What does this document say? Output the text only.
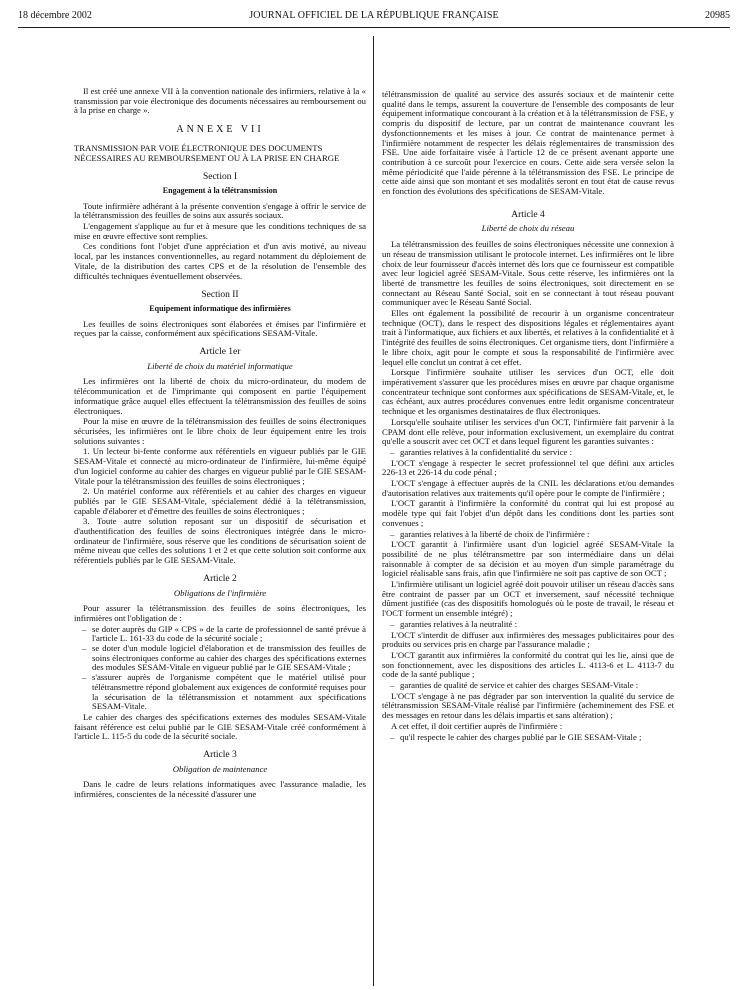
18 décembre 2002	JOURNAL OFFICIEL DE LA RÉPUBLIQUE FRANÇAISE	20985

Il est créé une annexe VII à la convention nationale des infirmiers, relative à la « transmission par voie électronique des documents nécessaires au remboursement ou à la prise en charge ».

ANNEXE VII

TRANSMISSION PAR VOIE ÉLECTRONIQUE DES DOCUMENTS NÉCESSAIRES AU REMBOURSEMENT OU À LA PRISE EN CHARGE

Section I
Engagement à la télétransmission

Toute infirmière adhérant à la présente convention s'engage à offrir le service de la télétransmission des feuilles de soins aux assurés sociaux.

L'engagement s'applique au fur et à mesure que les conditions techniques de sa mise en œuvre effective sont remplies.

Ces conditions font l'objet d'une appréciation et d'un avis motivé, au niveau local, par les instances conventionnelles, au regard notamment du déploiement de Vitale, de la distribution des cartes CPS et de la résolution de l'ensemble des difficultés techniques éventuellement observées.

Section II
Equipement informatique des infirmières

Les feuilles de soins électroniques sont élaborées et émises par l'infirmière et reçues par la caisse, conformément aux spécifications SESAM-Vitale.

Article 1er
Liberté de choix du matériel informatique

Les infirmières ont la liberté de choix du micro-ordinateur, du modem de télécommunication et de l'imprimante qui composent en partie l'équipement informatique grâce auquel elles effectuent la télétransmission des feuilles de soins électroniques.

Pour la mise en œuvre de la télétransmission des feuilles de soins électroniques sécurisées, les infirmières ont le libre choix de leur équipement entre les trois solutions suivantes :

1. Un lecteur bi-fente conforme aux référentiels en vigueur publiés par le GIE SESAM-Vitale et connecté au micro-ordinateur de l'infirmière, lui-même équipé d'un logiciel conforme au cahier des charges en vigueur publié par le GIE SESAM-Vitale pour la télétransmission des feuilles de soins électroniques ;

2. Un matériel conforme aux référentiels et au cahier des charges en vigueur publiés par le GIE SESAM-Vitale, spécialement dédié à la télétransmission, capable d'élaborer et d'émettre des feuilles de soins électroniques ;

3. Toute autre solution reposant sur un dispositif de sécurisation et d'authentification des feuilles de soins électroniques intégrée dans le micro-ordinateur de l'infirmière, sous réserve que les conditions de sécurisation soient de même niveau que celles des solutions 1 et 2 et que cette solution soit conforme aux référentiels publiés par le GIE SESAM-Vitale.

Article 2
Obligations de l'infirmière

Pour assurer la télétransmission des feuilles de soins électroniques, les infirmières ont l'obligation de :

– se doter auprès du GIP « CPS » de la carte de professionnel de santé prévue à l'article L. 161-33 du code de la sécurité sociale ;
– se doter d'un module logiciel d'élaboration et de transmission des feuilles de soins électroniques conforme au cahier des charges des spécifications externes des modules SESAM-Vitale en vigueur publié par le GIE SESAM-Vitale ;
– s'assurer auprès de l'organisme compétent que le matériel utilisé pour télétransmettre répond globalement aux exigences de conformité requises pour la sécurisation de la télétransmission et notamment aux spécifications SESAM-Vitale.

Le cahier des charges des spécifications externes des modules SESAM-Vitale faisant référence est celui publié par le GIE SESAM-Vitale créé conformément à l'article L. 115-5 du code de la sécurité sociale.

Article 3
Obligation de maintenance

Dans le cadre de leurs relations informatiques avec l'assurance maladie, les infirmières, conscientes de la nécessité d'assurer une

télétransmission de qualité au service des assurés sociaux et de maintenir cette qualité dans le temps, assurent la couverture de l'ensemble des composants de leur équipement informatique concourant à la création et à la télétransmission de FSE, y compris du dispositif de lecture, par un contrat de maintenance couvrant les dysfonctionnements et les mises à jour. Ce contrat de maintenance permet à l'infirmière notamment de respecter les délais réglementaires de transmission des FSE. Une aide forfaitaire visée à l'article 12 de ce présent avenant apporte une contribution à ce surcoût pour l'exercice en cours. Cette aide sera versée selon la même périodicité que l'aide pérenne à la télétransmission des FSE. Le principe de cette aide ainsi que son montant et ses modalités seront en tout état de cause revus en fonction des évolutions des spécifications de SESAM-Vitale.

Article 4
Liberté de choix du réseau

La télétransmission des feuilles de soins électroniques nécessite une connexion à un réseau de transmission utilisant le protocole internet. Les infirmières ont le libre choix de leur fournisseur d'accès internet dès lors que ce fournisseur est compatible avec leur logiciel agréé SESAM-Vitale. Sous cette réserve, les infirmières ont la liberté de transmettre les feuilles de soins électroniques, soit directement en se connectant au Réseau Santé Social, soit en se connectant à tout réseau pouvant communiquer avec le Réseau Santé Social.

Elles ont également la possibilité de recourir à un organisme concentrateur technique (OCT), dans le respect des dispositions légales et réglementaires ayant trait à l'informatique, aux fichiers et aux libertés, et relatives à la confidentialité et à l'intégrité des feuilles de soins électroniques. Cet organisme tiers, dont l'infirmière a le libre choix, agit pour le compte et sous la responsabilité de l'infirmière avec lequel elle conclut un contrat à cet effet.

Lorsque l'infirmière souhaite utiliser les services d'un OCT, elle doit impérativement s'assurer que les procédures mises en œuvre par chaque organisme concentrateur technique sont conformes aux spécifications de SESAM-Vitale, et, le cas échéant, aux autres procédures convenues entre ledit organisme concentrateur technique et les organismes destinataires de flux électroniques.

Lorsqu'elle souhaite utiliser les services d'un OCT, l'infirmière fait parvenir à la CPAM dont elle relève, pour information exclusivement, un exemplaire du contrat qu'elle a souscrit avec cet OCT et dans lequel figurent les garanties suivantes :

– garanties relatives à la confidentialité du service :

L'OCT s'engage à respecter le secret professionnel tel que défini aux articles 226-13 et 226-14 du code pénal ;

L'OCT s'engage à effectuer auprès de la CNIL les déclarations et/ou demandes d'autorisation relatives aux traitements qu'il opère pour le compte de l'infirmière ;

L'OCT garantit à l'infirmière la conformité du contrat qui lui est proposé au modèle type qui fait l'objet d'un dépôt dans les conditions dont les parties sont convenues ;

– garanties relatives à la liberté de choix de l'infirmière :

L'OCT garantit à l'infirmière usant d'un logiciel agréé SESAM-Vitale la possibilité de ne plus télétransmettre par son intermédiaire dans un délai raisonnable à compter de sa décision et au moyen d'un simple paramétrage du logiciel réalisable sans frais, afin que l'infirmière ne soit pas captive de son OCT ;

L'infirmière utilisant un logiciel agréé doit pouvoir utiliser un réseau d'accès sans être contraint de passer par un OCT et inversement, sauf nécessité technique dûment justifiée (cas des dispositifs homologués où le poste de travail, le réseau et l'OCT forment un ensemble intégré) ;

– garanties relatives à la neutralité :

L'OCT s'interdit de diffuser aux infirmières des messages publicitaires pour des produits ou services pris en charge par l'assurance maladie ;

L'OCT garantit aux infirmières la conformité du contrat qui les lie, ainsi que de son fonctionnement, avec les dispositions des articles L. 4113-6 et L. 4113-7 du code de la santé publique ;

– garanties de qualité de service et cahier des charges SESAM-Vitale :

L'OCT s'engage à ne pas dégrader par son intervention la qualité du service de télétransmission SESAM-Vitale réalisé par l'infirmière (acheminement des FSE et des messages en retour dans les délais impartis et sans altération) ;

A cet effet, il doit certifier auprès de l'infirmière :

– qu'il respecte le cahier des charges publié par le GIE SESAM-Vitale ;
